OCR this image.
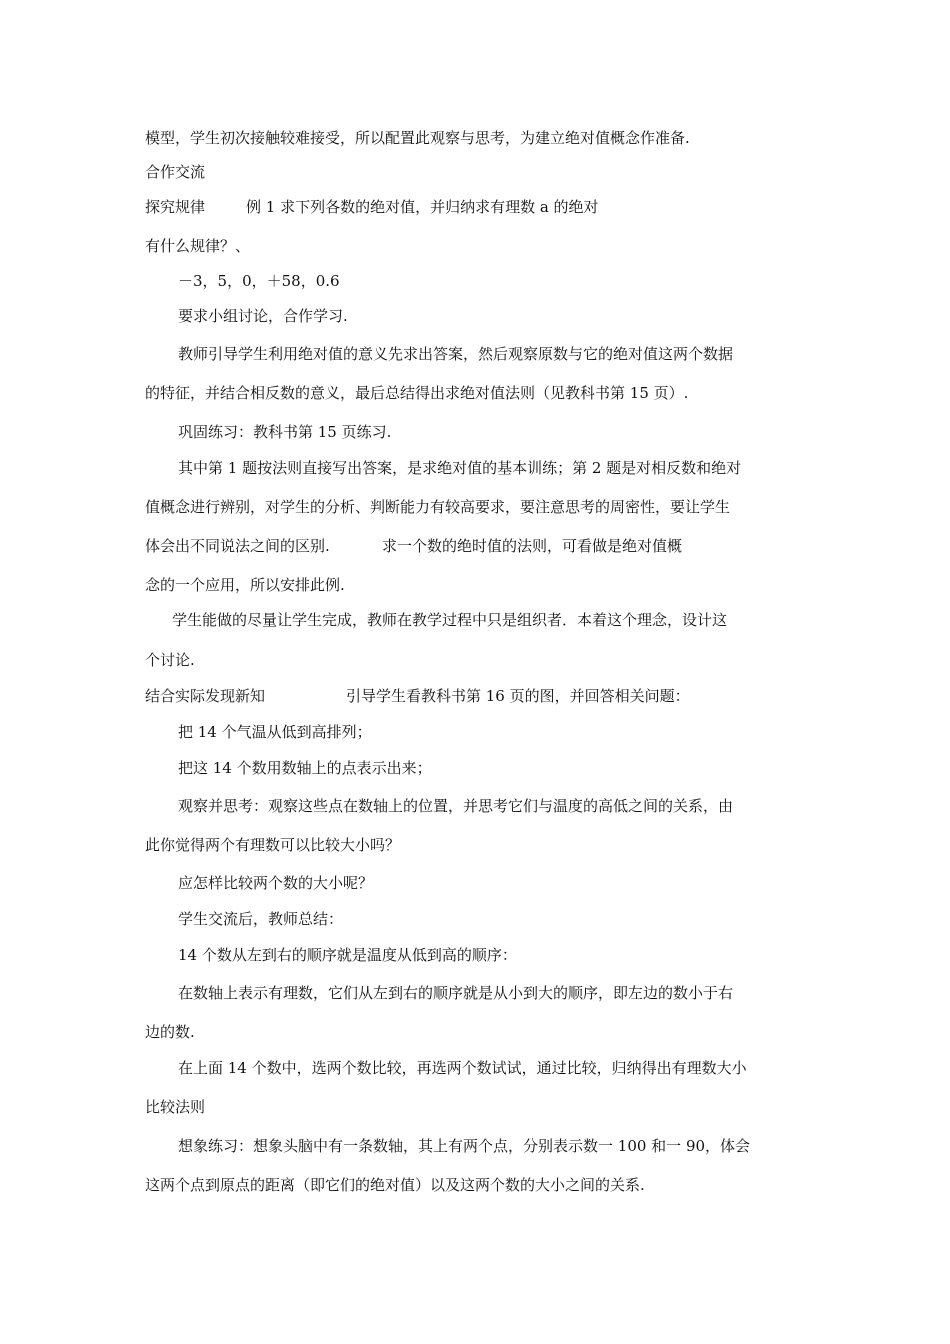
模型，学生初次接触较难接受，所以配置此观察与思考，为建立绝对值概念作准备.
合作交流
探究规律	例 1 求下列各数的绝对值，并归纳求有理数 a 的绝对
有什么规律？、
－3，5，0，＋58，0.6
要求小组讨论，合作学习.
教师引导学生利用绝对值的意义先求出答案，然后观察原数与它的绝对值这两个数据
的特征，并结合相反数的意义，最后总结得出求绝对值法则（见教科书第 15 页）.
巩固练习：教科书第 15 页练习.
其中第 1 题按法则直接写出答案，是求绝对值的基本训练；第 2 题是对相反数和绝对
值概念进行辨别，对学生的分析、判断能力有较高要求，要注意思考的周密性，要让学生
体会出不同说法之间的区别.	求一个数的绝时值的法则，可看做是绝对值概
念的一个应用，所以安排此例.
学生能做的尽量让学生完成，教师在教学过程中只是组织者．本着这个理念，设计这
个讨论.
结合实际发现新知	引导学生看教科书第 16 页的图，并回答相关问题：
把 14 个气温从低到高排列；
把这 14 个数用数轴上的点表示出来；
观察并思考：观察这些点在数轴上的位置，并思考它们与温度的高低之间的关系，由
此你觉得两个有理数可以比较大小吗？
应怎样比较两个数的大小呢？
学生交流后，教师总结：
14 个数从左到右的顺序就是温度从低到高的顺序：
在数轴上表示有理数，它们从左到右的顺序就是从小到大的顺序，即左边的数小于右
边的数.
在上面 14 个数中，选两个数比较，再选两个数试试，通过比较，归纳得出有理数大小
比较法则
想象练习：想象头脑中有一条数轴，其上有两个点，分别表示数一 100 和一 90，体会
这两个点到原点的距离（即它们的绝对值）以及这两个数的大小之间的关系.
